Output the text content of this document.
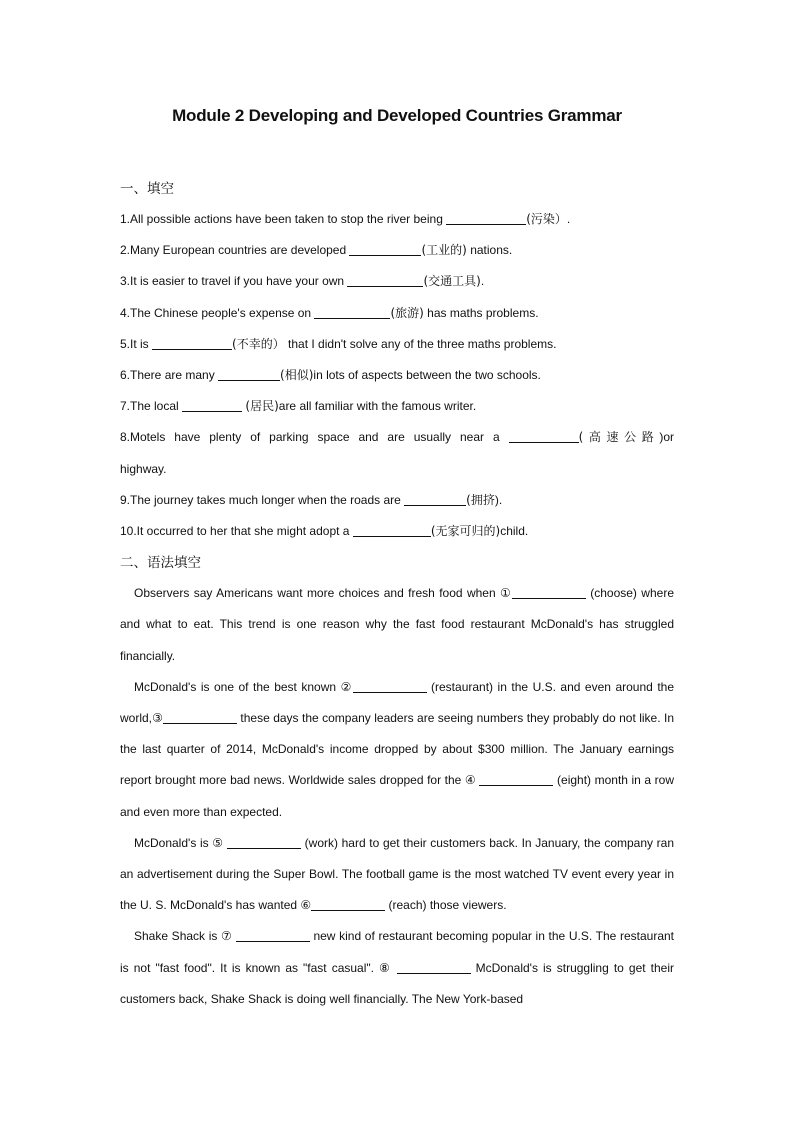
Module 2 Developing and Developed Countries Grammar
一、填空
1.All possible actions have been taken to stop the river being	(污染）.
2.Many European countries are developed	(工业的) nations.
3.It is easier to travel if you have your own	(交通工具).
4.The Chinese people's expense on	(旅游) has maths problems.
5.It is	(不幸的） that I didn't solve any of the three maths problems.
6.There are many	(相似)in lots of aspects between the two schools.
7.The local	(居民)are all familiar with the famous writer.
8.Motels have plenty of parking space and are usually near a	(高速公路)or
highway.
9.The journey takes much longer when the roads are	(拥挤).
10.It occurred to her that she might adopt a	(无家可归的)child.
二、语法填空
Observers say Americans want more choices and fresh food when ①	(choose) where and what to eat. This trend is one reason why the fast food restaurant McDonald's has struggled financially.
McDonald's is one of the best known ②	(restaurant) in the U.S. and even around the world,③	these days the company leaders are seeing numbers they probably do not like. In the last quarter of 2014, McDonald's income dropped by about $300 million. The January earnings report brought more bad news. Worldwide sales dropped for the ④	(eight) month in a row and even more than expected.
McDonald's is ⑤	(work) hard to get their customers back. In January, the company ran an advertisement during the Super Bowl. The football game is the most watched TV event every year in the U. S. McDonald's has wanted ⑥	(reach) those viewers.
Shake Shack is ⑦	new kind of restaurant becoming popular in the U.S. The restaurant is not "fast food". It is known as "fast casual". ⑧	McDonald's is struggling to get their customers back, Shake Shack is doing well financially. The New York-based
